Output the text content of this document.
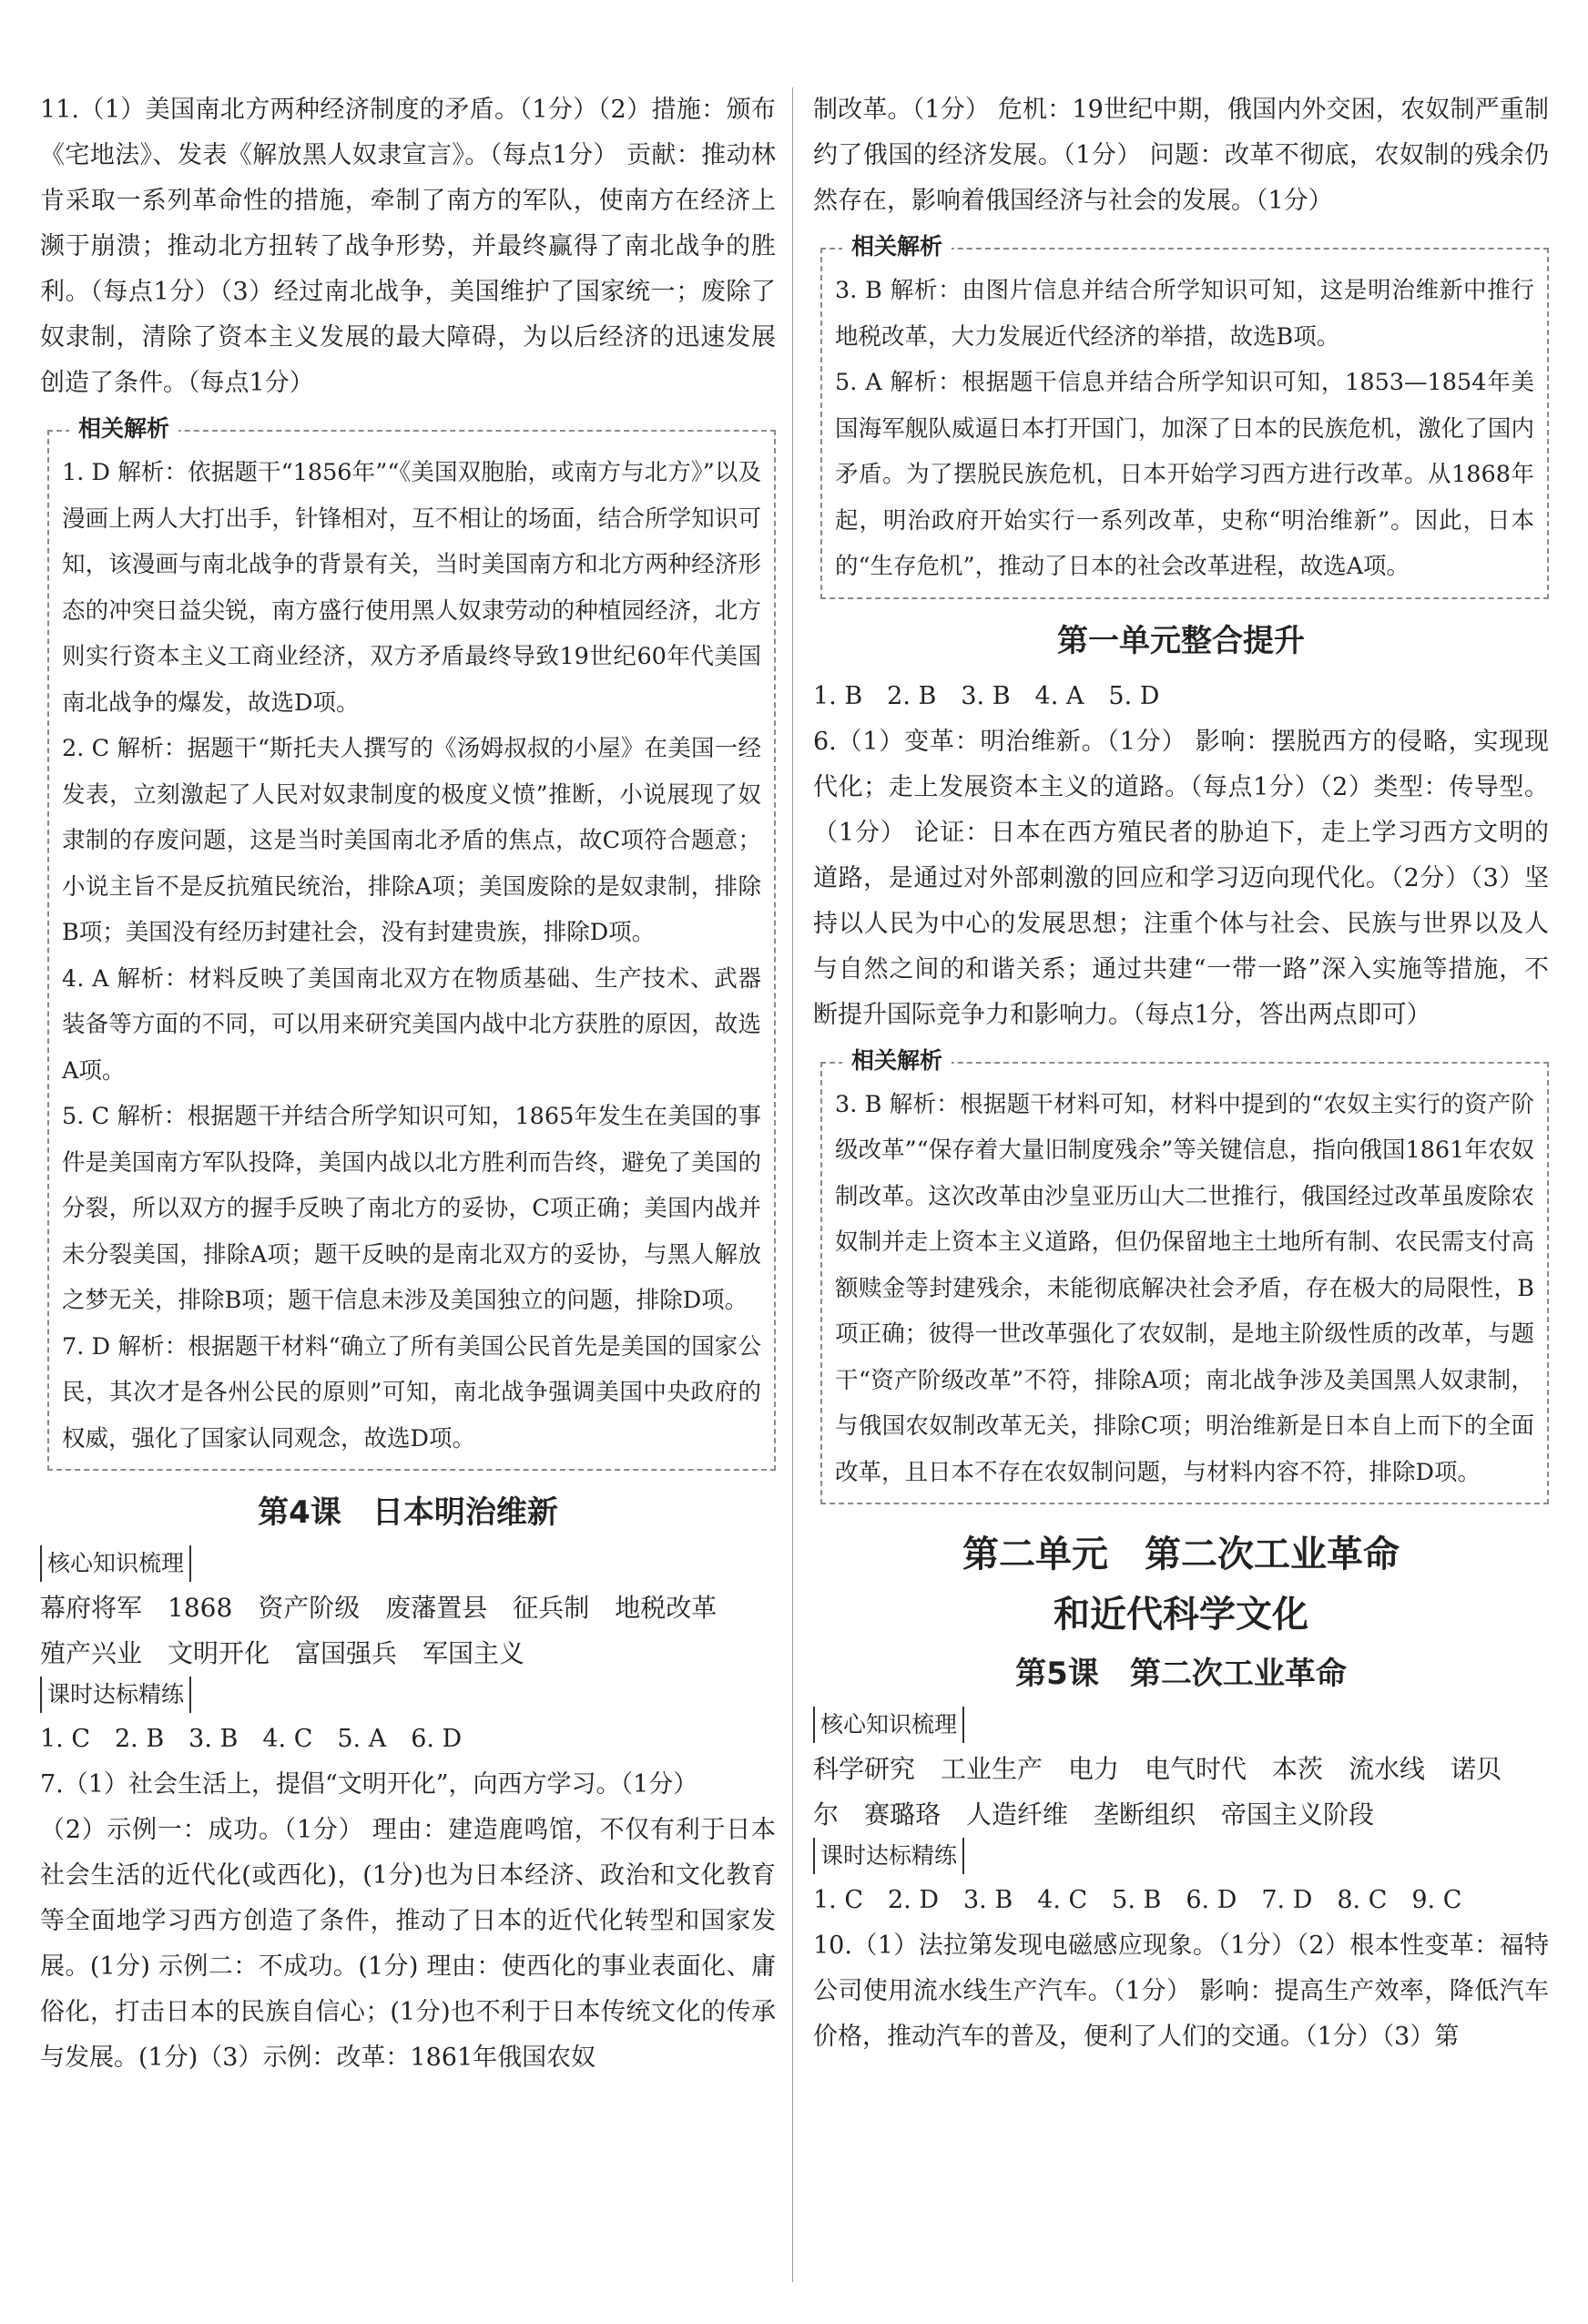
11.（1）美国南北方两种经济制度的矛盾。（1分）（2）措施：颁布《宅地法》、发表《解放黑人奴隶宣言》。（每点1分） 贡献：推动林肯采取一系列革命性的措施，牵制了南方的军队，使南方在经济上濒于崩溃；推动北方扭转了战争形势，并最终赢得了南北战争的胜利。（每点1分）（3）经过南北战争，美国维护了国家统一；废除了奴隶制，清除了资本主义发展的最大障碍，为以后经济的迅速发展创造了条件。（每点1分）

相关解析

1. D 解析：依据题干“1856年”“《美国双胞胎，或南方与北方》”以及漫画上两人大打出手，针锋相对，互不相让的场面，结合所学知识可知，该漫画与南北战争的背景有关，当时美国南方和北方两种经济形态的冲突日益尖锐，南方盛行使用黑人奴隶劳动的种植园经济，北方则实行资本主义工商业经济，双方矛盾最终导致19世纪60年代美国南北战争的爆发，故选D项。

2. C 解析：据题干“斯托夫人撰写的《汤姆叔叔的小屋》在美国一经发表，立刻激起了人民对奴隶制度的极度义愤”推断，小说展现了奴隶制的存废问题，这是当时美国南北矛盾的焦点，故C项符合题意；小说主旨不是反抗殖民统治，排除A项；美国废除的是奴隶制，排除B项；美国没有经历封建社会，没有封建贵族，排除D项。

4. A 解析：材料反映了美国南北双方在物质基础、生产技术、武器装备等方面的不同，可以用来研究美国内战中北方获胜的原因，故选A项。

5. C 解析：根据题干并结合所学知识可知，1865年发生在美国的事件是美国南方军队投降，美国内战以北方胜利而告终，避免了美国的分裂，所以双方的握手反映了南北方的妥协，C项正确；美国内战并未分裂美国，排除A项；题干反映的是南北双方的妥协，与黑人解放之梦无关，排除B项；题干信息未涉及美国独立的问题，排除D项。

7. D 解析：根据题干材料“确立了所有美国公民首先是美国的国家公民，其次才是各州公民的原则”可知，南北战争强调美国中央政府的权威，强化了国家认同观念，故选D项。

第4课　日本明治维新
核心知识梳理
幕府将军　1868　资产阶级　废藩置县　征兵制　地税改革
殖产兴业　文明开化　富国强兵　军国主义
课时达标精练

1. C　2. B　3. B　4. C　5. A　6. D

7.（1）社会生活上，提倡“文明开化”，向西方学习。（1分）

（2）示例一：成功。（1分） 理由：建造鹿鸣馆，不仅有利于日本社会生活的近代化(或西化)，(1分)也为日本经济、政治和文化教育等全面地学习西方创造了条件，推动了日本的近代化转型和国家发展。(1分) 示例二：不成功。(1分) 理由：使西化的事业表面化、庸俗化，打击日本的民族自信心；(1分)也不利于日本传统文化的传承与发展。(1分)（3）示例：改革：1861年俄国农奴

制改革。（1分） 危机：19世纪中期，俄国内外交困，农奴制严重制约了俄国的经济发展。（1分） 问题：改革不彻底，农奴制的残余仍然存在，影响着俄国经济与社会的发展。（1分）

相关解析

3. B 解析：由图片信息并结合所学知识可知，这是明治维新中推行地税改革，大力发展近代经济的举措，故选B项。

5. A 解析：根据题干信息并结合所学知识可知，1853—1854年美国海军舰队威逼日本打开国门，加深了日本的民族危机，激化了国内矛盾。为了摆脱民族危机，日本开始学习西方进行改革。从1868年起，明治政府开始实行一系列改革，史称“明治维新”。因此，日本的“生存危机”，推动了日本的社会改革进程，故选A项。

第一单元整合提升

1. B　2. B　3. B　4. A　5. D

6.（1）变革：明治维新。（1分） 影响：摆脱西方的侵略，实现现代化；走上发展资本主义的道路。（每点1分）（2）类型：传导型。（1分） 论证：日本在西方殖民者的胁迫下，走上学习西方文明的道路，是通过对外部刺激的回应和学习迈向现代化。（2分）（3）坚持以人民为中心的发展思想；注重个体与社会、民族与世界以及人与自然之间的和谐关系；通过共建“一带一路”深入实施等措施，不断提升国际竞争力和影响力。（每点1分，答出两点即可）

相关解析

3. B 解析：根据题干材料可知，材料中提到的“农奴主实行的资产阶级改革”“保存着大量旧制度残余”等关键信息，指向俄国1861年农奴制改革。这次改革由沙皇亚历山大二世推行，俄国经过改革虽废除农奴制并走上资本主义道路，但仍保留地主土地所有制、农民需支付高额赎金等封建残余，未能彻底解决社会矛盾，存在极大的局限性，B项正确；彼得一世改革强化了农奴制，是地主阶级性质的改革，与题干“资产阶级改革”不符，排除A项；南北战争涉及美国黑人奴隶制，与俄国农奴制改革无关，排除C项；明治维新是日本自上而下的全面改革，且日本不存在农奴制问题，与材料内容不符，排除D项。

第二单元　第二次工业革命
和近代科学文化
第5课　第二次工业革命
核心知识梳理
科学研究　工业生产　电力　电气时代　本茨　流水线　诺贝
尔　赛璐珞　人造纤维　垄断组织　帝国主义阶段
课时达标精练

1. C　2. D　3. B　4. C　5. B　6. D　7. D　8. C　9. C

10.（1）法拉第发现电磁感应现象。（1分）（2）根本性变革：福特公司使用流水线生产汽车。（1分） 影响：提高生产效率，降低汽车价格，推动汽车的普及，便利了人们的交通。（1分）（3）第
